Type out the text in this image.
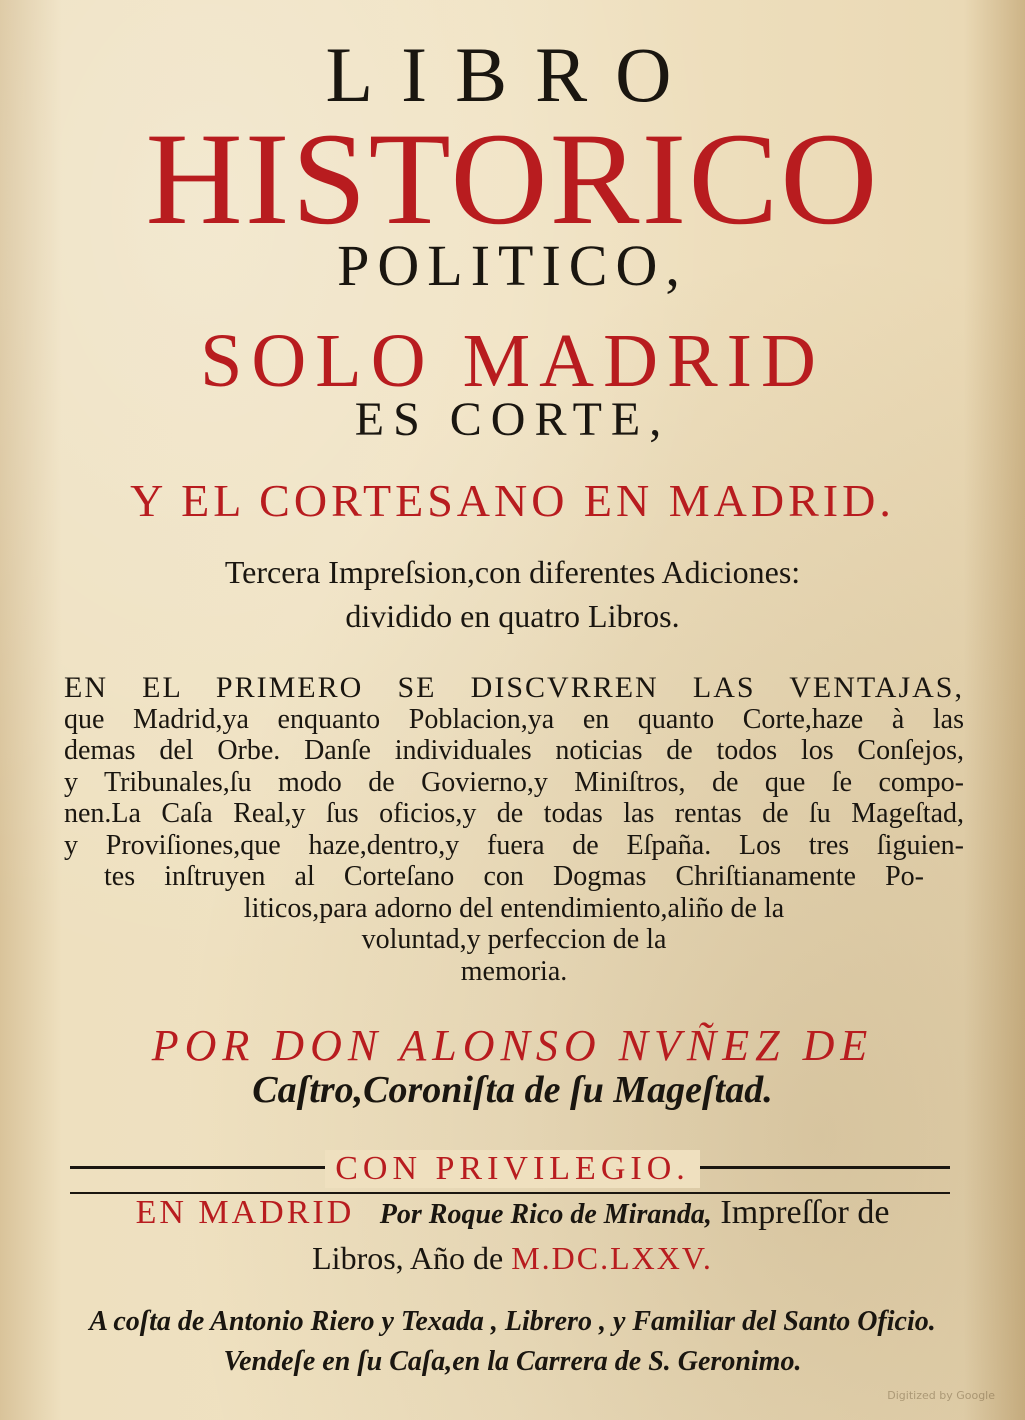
LIBRO
HISTORICO
POLITICO,
SOLO MADRID
ES CORTE,
Y EL CORTESANO EN MADRID.
Tercera Impreſsion,con diferentes Adiciones:
dividido en quatro Libros.
EN EL PRIMERO SE DISCVRREN LAS VENTAJAS,
que Madrid,ya enquanto Poblacion,ya en quanto Corte,haze à las
demas del Orbe. Danſe individuales noticias de todos los Conſejos,
y Tribunales,ſu modo de Govierno,y Miniſtros, de que ſe compo-
nen.La Caſa Real,y ſus oficios,y de todas las rentas de ſu Mageſtad,
y Proviſiones,que haze,dentro,y fuera de Eſpaña. Los tres ſiguien-
tes inſtruyen al Corteſano con Dogmas Chriſtianamente Po-
liticos,para adorno del entendimiento,aliño de la
voluntad,y perfeccion de la
memoria.
POR DON ALONSO NVÑEZ DE
Caſtro,Coroniſta de ſu Mageſtad.
CON PRIVILEGIO.
EN MADRID Por Roque Rico de Miranda, Impreſſor de
Libros, Año de M.DC.LXXV.
A coſta de Antonio Riero y Texada , Librero , y Familiar del Santo Oficio.
Vendeſe en ſu Caſa,en la Carrera de S. Geronimo.
Digitized by Google
